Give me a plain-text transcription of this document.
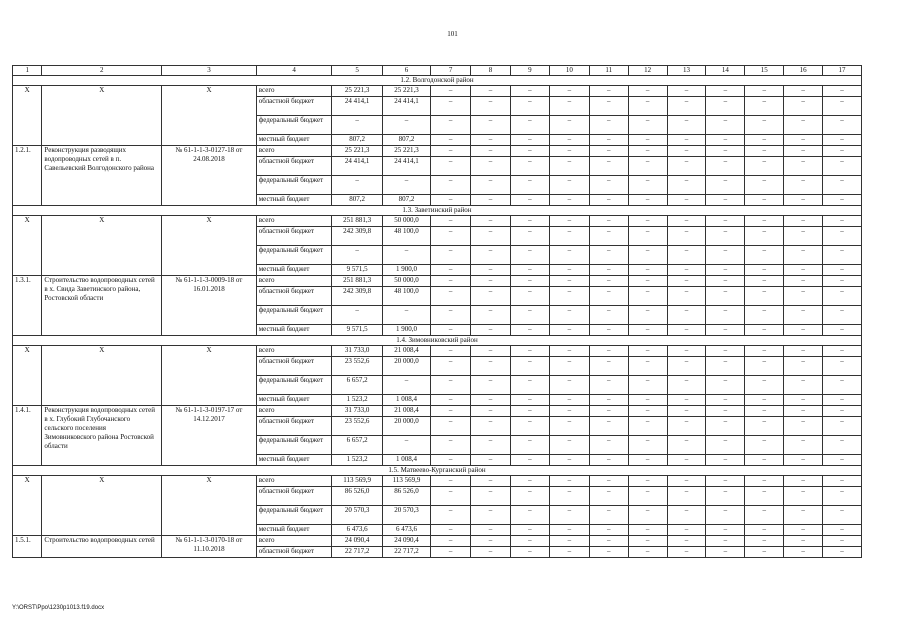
101
1	2	3	4	5	6	7	8	9	10	11	12	13	14	15	16	17
1.2. Волгодонской район																
Х	Х	Х	всего	25 221,3	25 221,3	–	–	–	–	–	–	–	–	–	–	–
			областной бюджет	24 414,1	24 414,1	–	–	–	–	–	–	–	–	–	–	–
			федеральный бюджет	–	–	–	–	–	–	–	–	–	–	–	–	–
			местный бюджет	807,2	807,2	–	–	–	–	–	–	–	–	–	–	–
1.2.1.	Реконструкция разводящих водопроводных сетей в п. Савельевский Волгодонского района	№ 61-1-1-3-0127-18 от 24.08.2018	всего	25 221,3	25 221,3	–	–	–	–	–	–	–	–	–	–	–
			областной бюджет	24 414,1	24 414,1	–	–	–	–	–	–	–	–	–	–	–
			федеральный бюджет	–	–	–	–	–	–	–	–	–	–	–	–	–
			местный бюджет	807,2	807,2	–	–	–	–	–	–	–	–	–	–	–
1.3. Заветинский район																
Х	Х	Х	всего	251 881,3	50 000,0	–	–	–	–	–	–	–	–	–	–	–
			областной бюджет	242 309,8	48 100,0	–	–	–	–	–	–	–	–	–	–	–
			федеральный бюджет	–	–	–	–	–	–	–	–	–	–	–	–	–
			местный бюджет	9 571,5	1 900,0	–	–	–	–	–	–	–	–	–	–	–
1.3.1.	Строительство водопроводных сетей в х. Свида Заветинского района, Ростовской области	№ 61-1-1-3-0009-18 от 16.01.2018	всего	251 881,3	50 000,0	–	–	–	–	–	–	–	–	–	–	–
			областной бюджет	242 309,8	48 100,0	–	–	–	–	–	–	–	–	–	–	–
			федеральный бюджет	–	–	–	–	–	–	–	–	–	–	–	–	–
			местный бюджет	9 571,5	1 900,0	–	–	–	–	–	–	–	–	–	–	–
1.4. Зимовниковский район																
Х	Х	Х	всего	31 733,0	21 008,4	–	–	–	–	–	–	–	–	–	–	–
			областной бюджет	23 552,6	20 000,0	–	–	–	–	–	–	–	–	–	–	–
			федеральный бюджет	6 657,2	–	–	–	–	–	–	–	–	–	–	–	–
			местный бюджет	1 523,2	1 008,4	–	–	–	–	–	–	–	–	–	–	–
1.4.1.	Реконструкция водопроводных сетей в х. Глубокий Глубочанского сельского поселения Зимовниковского района Ростовской области	№ 61-1-1-3-0197-17 от 14.12.2017	всего	31 733,0	21 008,4	–	–	–	–	–	–	–	–	–	–	–
			областной бюджет	23 552,6	20 000,0	–	–	–	–	–	–	–	–	–	–	–
			федеральный бюджет	6 657,2	–	–	–	–	–	–	–	–	–	–	–	–
			местный бюджет	1 523,2	1 008,4	–	–	–	–	–	–	–	–	–	–	–
1.5. Матвеево-Курганский район																
Х	Х	Х	всего	113 569,9	113 569,9	–	–	–	–	–	–	–	–	–	–	–
			областной бюджет	86 526,0	86 526,0	–	–	–	–	–	–	–	–	–	–	–
			федеральный бюджет	20 570,3	20 570,3	–	–	–	–	–	–	–	–	–	–	–
			местный бюджет	6 473,6	6 473,6	–	–	–	–	–	–	–	–	–	–	–
1.5.1.	Строительство водопроводных сетей	№ 61-1-1-3-0170-18 от 11.10.2018	всего	24 090,4	24 090,4	–	–	–	–	–	–	–	–	–	–	–
			областной бюджет	22 717,2	22 717,2	–	–	–	–	–	–	–	–	–	–	–
Y:\ORST\Ppo\1230p1013.f19.docx
